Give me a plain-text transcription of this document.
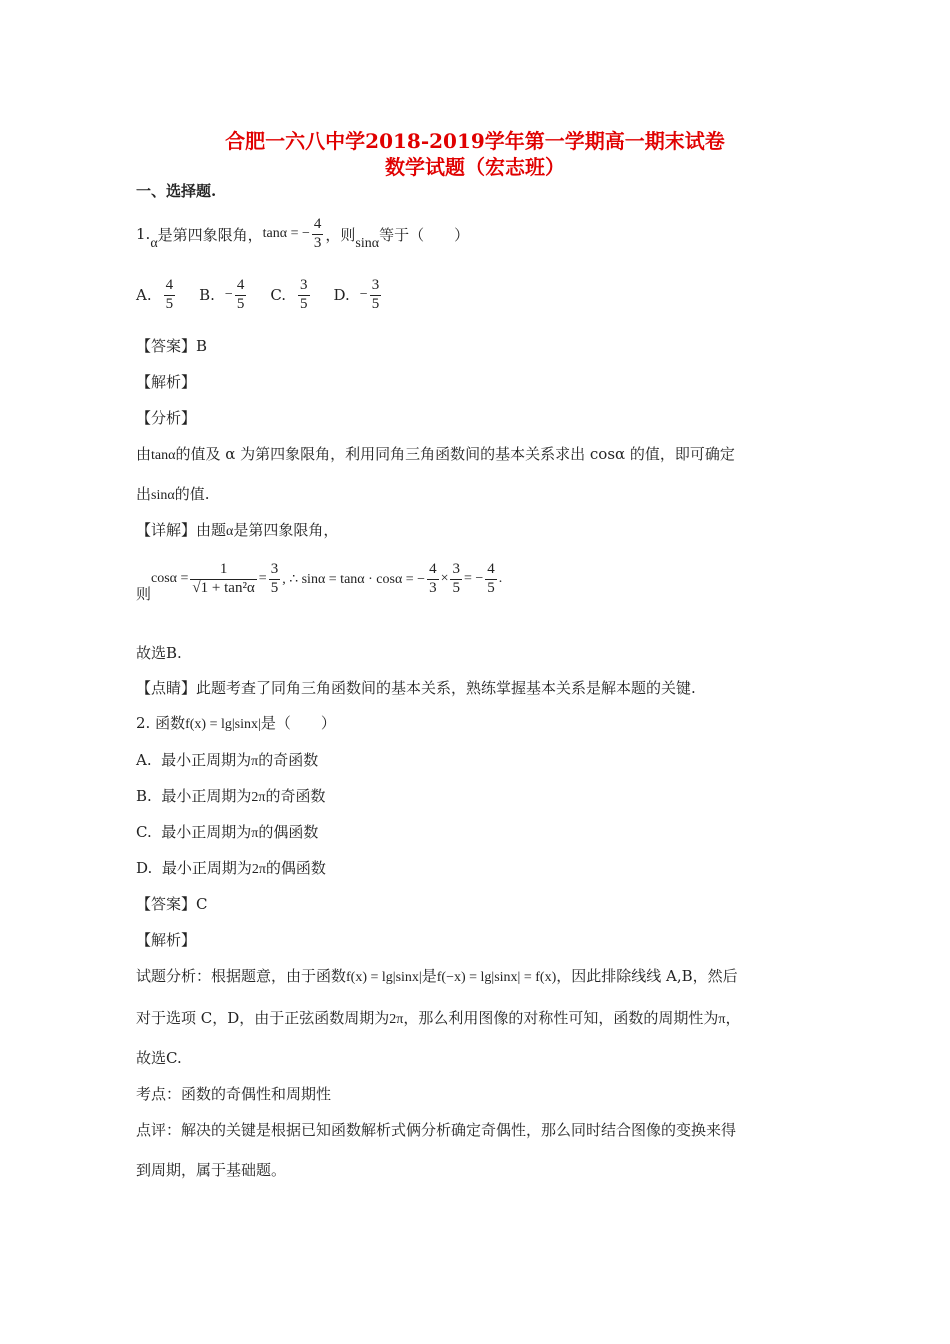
合肥一六八中学2018-2019学年第一学期高一期末试卷
数学试题（宏志班）
一、选择题.
1.
α 是第四象限角， tanα = − $\frac{4}{3}$ ，则 sinα 等于（　　）
A. $\frac{4}{5} B$. − $\frac{4}{5} C$. $\frac{3}{5} D$. − $\frac{3}{5}$
【答案】B
【解析】
【分析】
由tanα的值及 α 为第四象限角，利用同角三角函数间的基本关系求出 cosα 的值，即可确定
出sinα的值.
【详解】由题α是第四象限角，
则
$\cos\alpha = \frac{1}{\text{√1 + tan²α}} = \frac{3}{5}$ , ∴ sinα = tanα · cosα = − $\frac{4}{3} \times \frac{3}{5}$ = − $\frac{4}{5}$ .
故选B.
【点睛】此题考查了同角三角函数间的基本关系，熟练掌握基本关系是解本题的关键.
2. 函数f(x) = lg|sinx|是（　　）
A. 最小正周期为π的奇函数
B. 最小正周期为2π的奇函数
C. 最小正周期为π的偶函数
D. 最小正周期为2π的偶函数
【答案】C
【解析】
试题分析：根据题意，由于函数f(x) = lg|sinx|是f(−x) = lg|sinx| = f(x)，因此排除线线 A,B，然后
对于选项 C，D，由于正弦函数周期为2π，那么利用图像的对称性可知，函数的周期性为π，
故选C.
考点：函数的奇偶性和周期性
点评：解决的关键是根据已知函数解析式俩分析确定奇偶性，那么同时结合图像的变换来得
到周期，属于基础题。
